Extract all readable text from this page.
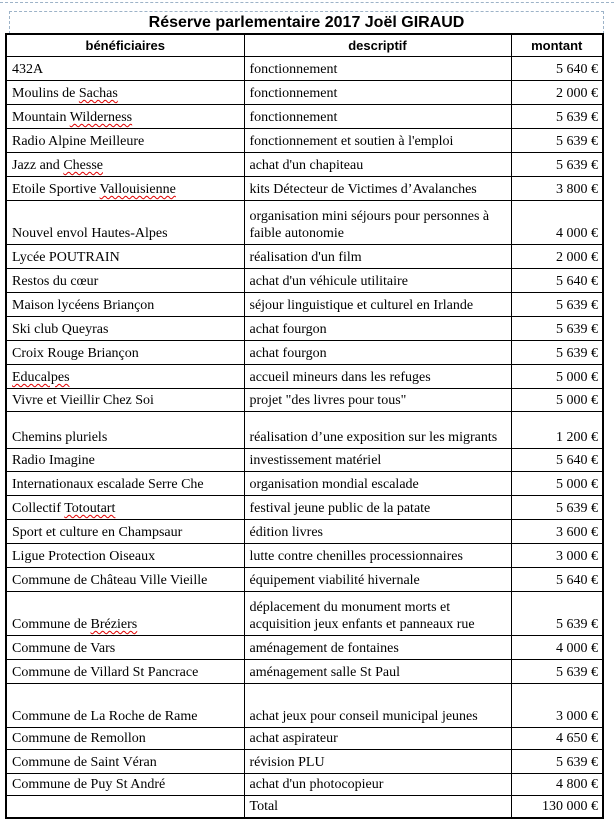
Réserve parlementaire 2017 Joël GIRAUD
bénéficiaires	descriptif	montant
432A	fonctionnement	5 640 €
Moulins de Sachas	fonctionnement	2 000 €
Mountain Wilderness	fonctionnement	5 639 €
Radio Alpine Meilleure	fonctionnement et soutien à l'emploi	5 639 €
Jazz and Chesse	achat d'un chapiteau	5 639 €
Etoile Sportive Vallouisienne	kits Détecteur de Victimes d’Avalanches	3 800 €
Nouvel envol Hautes-Alpes	organisation mini séjours pour personnes à faible autonomie	4 000 €
Lycée POUTRAIN	réalisation d'un film	2 000 €
Restos du cœur	achat d'un véhicule utilitaire	5 640 €
Maison lycéens Briançon	séjour linguistique et culturel en Irlande	5 639 €
Ski club Queyras	achat fourgon	5 639 €
Croix Rouge Briançon	achat fourgon	5 639 €
Educalpes	accueil mineurs dans les refuges	5 000 €
Vivre et Vieillir Chez Soi	projet "des livres pour tous"	5 000 €
Chemins pluriels	réalisation d’une exposition sur les migrants	1 200 €
Radio Imagine	investissement matériel	5 640 €
Internationaux escalade Serre Che	organisation mondial escalade	5 000 €
Collectif Totoutart	festival jeune public de la patate	5 639 €
Sport et culture en Champsaur	édition livres	3 600 €
Ligue Protection Oiseaux	lutte contre chenilles processionnaires	3 000 €
Commune de Château Ville Vieille	équipement viabilité hivernale	5 640 €
Commune de Bréziers	déplacement du monument morts et acquisition jeux enfants et panneaux rue	5 639 €
Commune de Vars	aménagement de fontaines	4 000 €
Commune de Villard St Pancrace	aménagement salle St Paul	5 639 €
Commune de La Roche de Rame	achat jeux pour conseil municipal jeunes	3 000 €
Commune de Remollon	achat aspirateur	4 650 €
Commune de Saint Véran	révision PLU	5 639 €
Commune de Puy St André	achat d'un photocopieur	4 800 €
	Total	130 000 €
